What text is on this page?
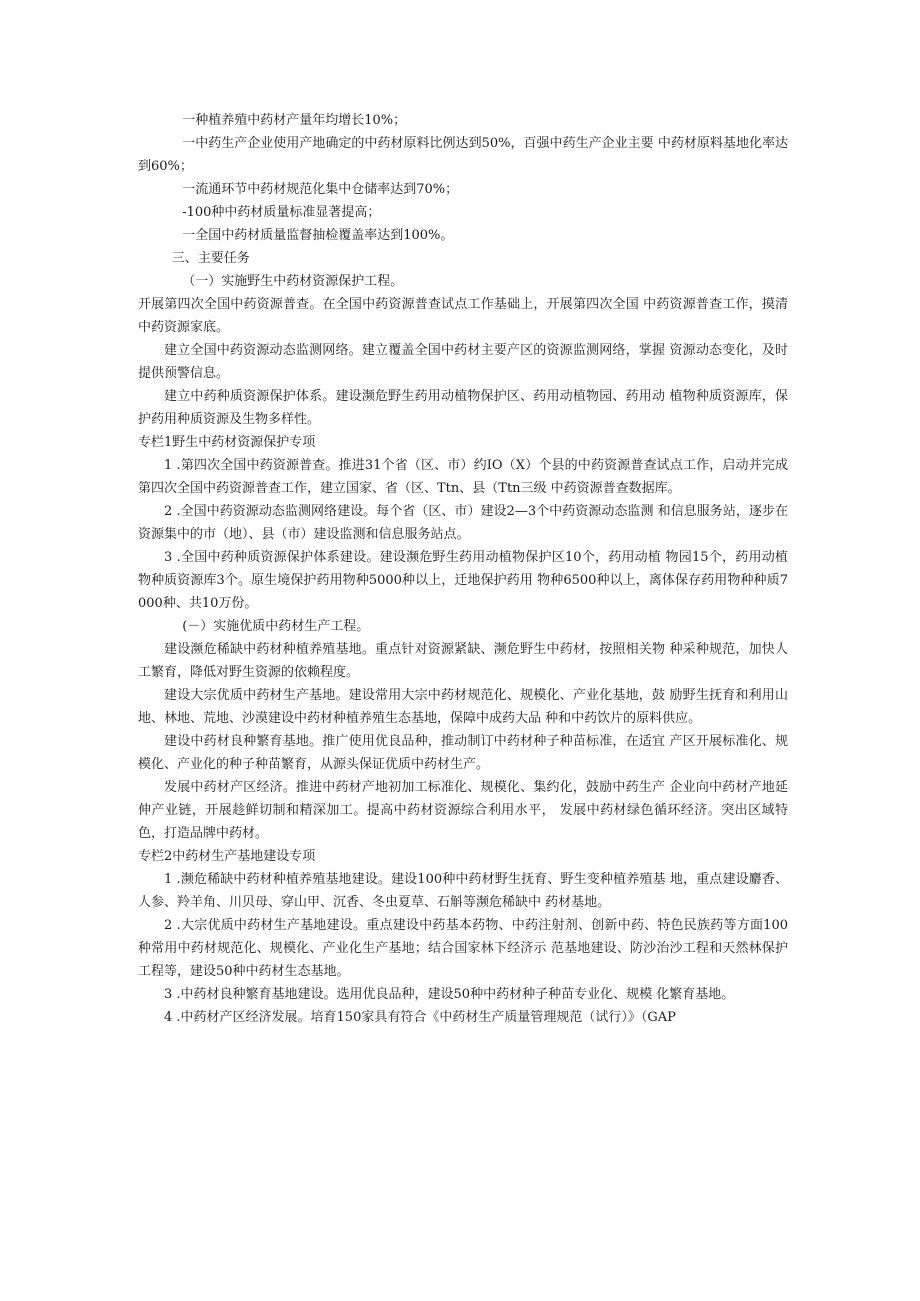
一种植养殖中药材产量年均增长10%；

一中药生产企业使用产地确定的中药材原料比例达到50%，百强中药生产企业主要 中药材原料基地化率达到60%；

一流通环节中药材规范化集中仓储率达到70%；

-100种中药材质量标准显著提高；

一全国中药材质量监督抽检覆盖率达到100%。

三、主要任务

（一）实施野生中药材资源保护工程。

开展第四次全国中药资源普查。在全国中药资源普查试点工作基础上，开展第四次全国 中药资源普查工作，摸清中药资源家底。

建立全国中药资源动态监测网络。建立覆盖全国中药材主要产区的资源监测网络，掌握 资源动态变化，及时提供预警信息。

建立中药种质资源保护体系。建设濒危野生药用动植物保护区、药用动植物园、药用动 植物种质资源库，保护药用种质资源及生物多样性。

专栏1野生中药材资源保护专项

1 .第四次全国中药资源普查。推进31个省（区、市）约IO（X）个县的中药资源普查试点工作，启动并完成第四次全国中药资源普查工作，建立国家、省（区、Ttn、县（Ttn三级 中药资源普查数据库。

2 .全国中药资源动态监测网络建设。每个省（区、市）建设2—3个中药资源动态监测 和信息服务站，逐步在资源集中的市（地）、县（市）建设监测和信息服务站点。

3 .全国中药种质资源保护体系建设。建设濒危野生药用动植物保护区10个，药用动植 物园15个，药用动植物种质资源库3个。原生境保护药用物种5000种以上，迁地保护药用 物种6500种以上，离体保存药用物种种质7000种、共10万份。

(－）实施优质中药材生产工程。

建设濒危稀缺中药材种植养殖基地。重点针对资源紧缺、濒危野生中药材，按照相关物 种采种规范，加快人工繁育，降低对野生资源的依赖程度。

建设大宗优质中药材生产基地。建设常用大宗中药材规范化、规模化、产业化基地，鼓 励野生抚育和利用山地、林地、荒地、沙漠建设中药材种植养殖生态基地，保障中成药大品 种和中药饮片的原料供应。

建设中药材良种繁育基地。推广使用优良品种，推动制订中药材种子种苗标准，在适宜 产区开展标准化、规模化、产业化的种子种苗繁育，从源头保证优质中药材生产。

发展中药材产区经济。推进中药材产地初加工标准化、规模化、集约化，鼓励中药生产 企业向中药材产地延伸产业链，开展趁鲜切制和精深加工。提高中药材资源综合利用水平， 发展中药材绿色循环经济。突出区域特色，打造品牌中药材。

专栏2中药材生产基地建设专项

1 .濒危稀缺中药材种植养殖基地建设。建设100种中药材野生抚育、野生变种植养殖基 地，重点建设麝香、人参、羚羊角、川贝母、穿山甲、沉香、冬虫夏草、石斛等濒危稀缺中 药材基地。

2 .大宗优质中药材生产基地建设。重点建设中药基本药物、中药注射剂、创新中药、特色民族药等方面100种常用中药材规范化、规模化、产业化生产基地；结合国家林下经济示 范基地建设、防沙治沙工程和天然林保护工程等，建设50种中药材生态基地。

3 .中药材良种繁育基地建设。选用优良品种，建设50种中药材种子种苗专业化、规模 化繁育基地。

4 .中药材产区经济发展。培育150家具有符合《中药材生产质量管理规范（试行）》（GAP
